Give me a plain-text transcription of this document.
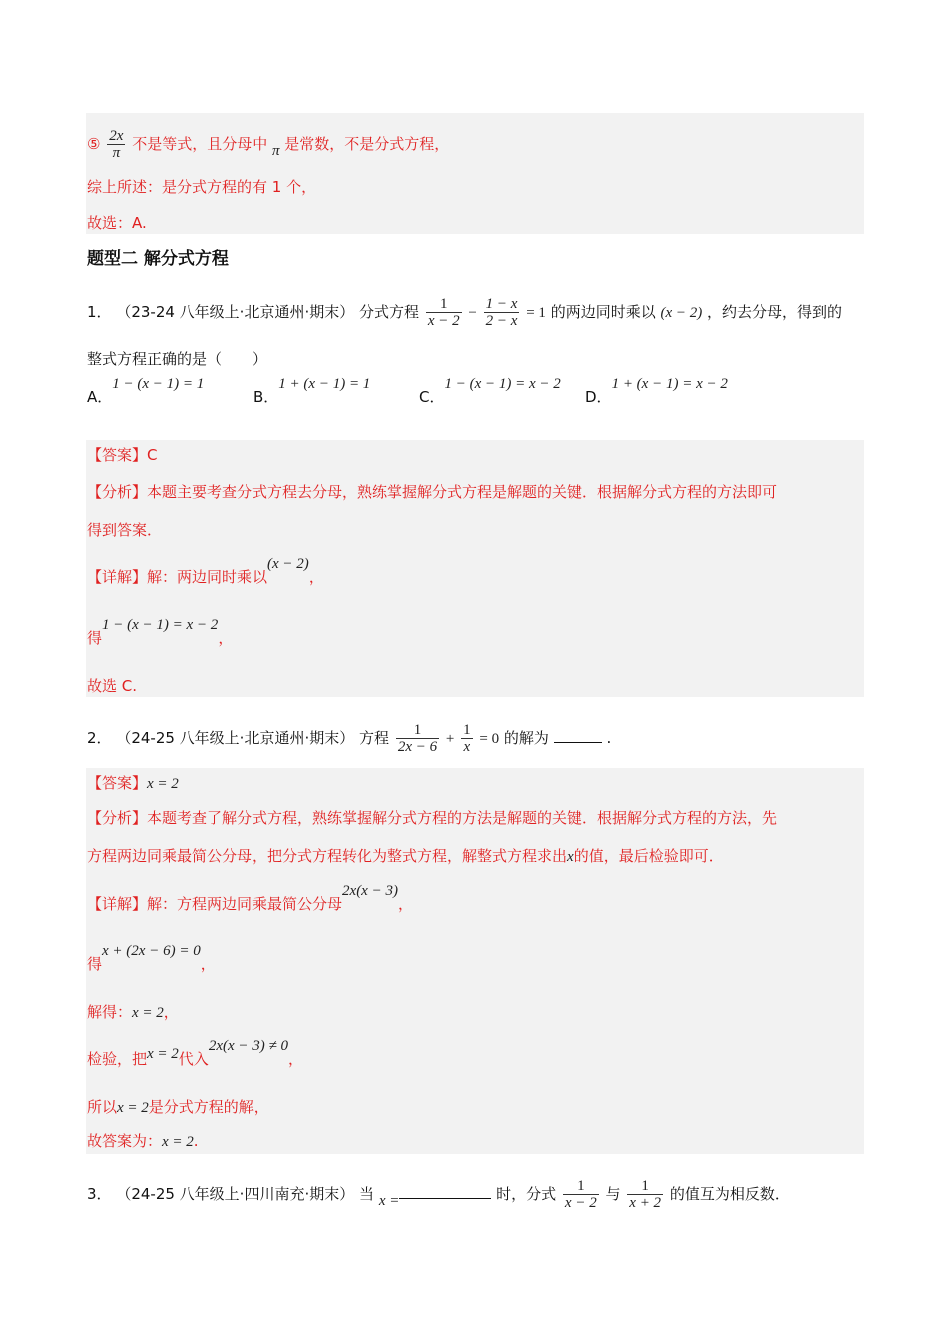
⑤ $\frac{2x}{\pi}$ 不是等式，且分母中 π 是常数，不是分式方程，
综上所述：是分式方程的有 1 个，
故选：A.
题型二 解分式方程
1． （23-24 八年级上·北京通州·期末） 分式方程 $\frac{1}{x - 2} - \frac{1 - x}{2 - x} = 1$ 的两边同时乘以 (x − 2) ，约去分母，得到的
整式方程正确的是（　　）
A．1 − (x − 1) = 1
B．1 + (x − 1) = 1
C．1 − (x − 1) = x − 2
D．1 + (x − 1) = x − 2
【答案】C
【分析】本题主要考查分式方程去分母，熟练掌握解分式方程是解题的关键．根据解分式方程的方法即可
得到答案．
【详解】解：两边同时乘以(x − 2)，
得1 − (x − 1) = x − 2，
故选 C.
2． （24-25 八年级上·北京通州·期末） 方程 $\frac{1}{2x - 6} + \frac{1}{x} = 0$ 的解为	.
【答案】x = 2
【分析】本题考查了解分式方程，熟练掌握解分式方程的方法是解题的关键．根据解分式方程的方法，先
方程两边同乘最简公分母，把分式方程转化为整式方程，解整式方程求出x的值，最后检验即可．
【详解】解：方程两边同乘最简公分母2x(x − 3)，
得x + (2x − 6) = 0，
解得：x = 2，
检验，把x = 2代入2x(x − 3) ≠ 0，
所以x = 2是分式方程的解，
故答案为：x = 2.
3． （24-25 八年级上·四川南充·期末） 当 x =	时，分式 $\frac{1}{x - 2}$ 与 $\frac{1}{x + 2}$ 的值互为相反数．
